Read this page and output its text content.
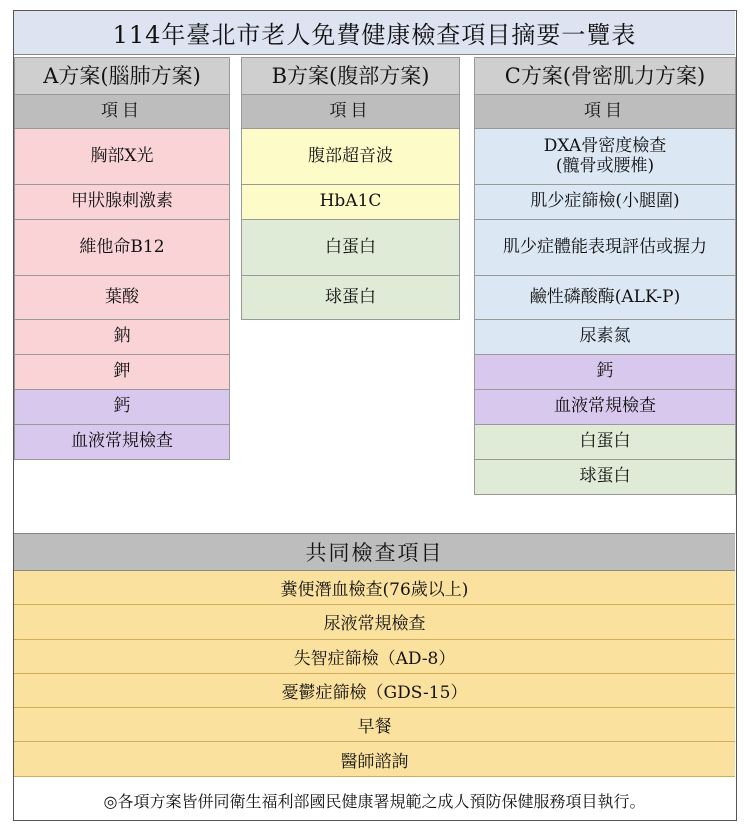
114年臺北市老人免費健康檢查項目摘要一覽表
A方案(腦肺方案)
項目
胸部X光
甲狀腺刺激素
維他命B12
葉酸
鈉
鉀
鈣
血液常規檢查
B方案(腹部方案)
項目
腹部超音波
HbA1C
白蛋白
球蛋白
C方案(骨密肌力方案)
項目
DXA骨密度檢查
(髖骨或腰椎)
肌少症篩檢(小腿圍)
肌少症體能表現評估或握力
鹼性磷酸酶(ALK-P)
尿素氮
鈣
血液常規檢查
白蛋白
球蛋白
共同檢查項目
糞便潛血檢查(76歲以上)
尿液常規檢查
失智症篩檢（AD-8）
憂鬱症篩檢（GDS-15）
早餐
醫師諮詢
◎各項方案皆併同衛生福利部國民健康署規範之成人預防保健服務項目執行。
